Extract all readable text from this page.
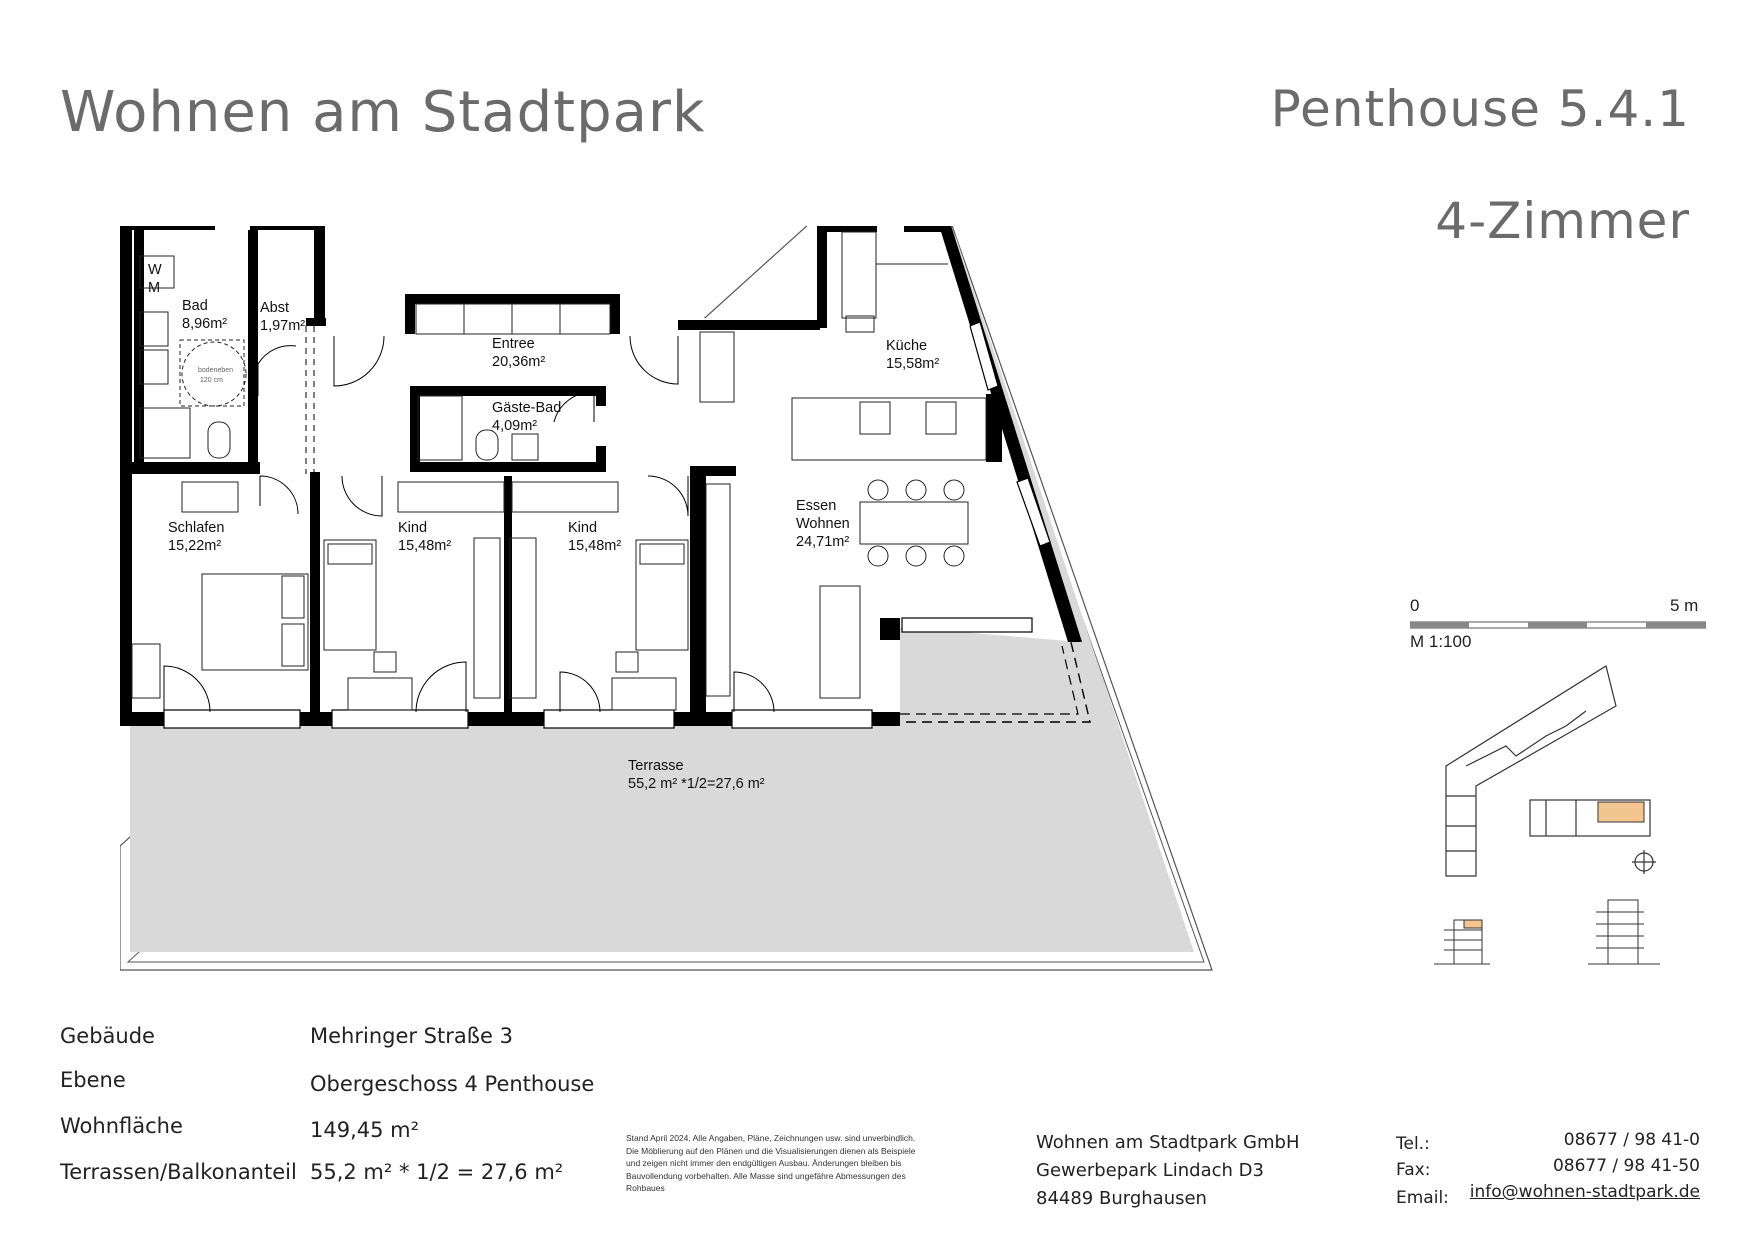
Wohnen am Stadtpark	Penthouse 5.4.1
4-Zimmer
W
M
Bad
8,96m²
Abst
1,97m²
bodeneben
120 cm
Entree
20,36m²
Küche
15,58m²
Gäste-Bad
4,09m²
Schlafen
15,22m²
Kind
15,48m²
Kind
15,48m²
Essen
Wohnen
24,71m²
Terrasse
55,2 m² *1/2=27,6 m²
0	5 m
M 1:100
Gebäude	Mehringer Straße 3
Ebene	Obergeschoss 4 Penthouse
Wohnfläche	149,45 m²
Terrassen/Balkonanteil 55,2 m² * 1/2 = 27,6 m²
Stand April 2024. Alle Angaben, Pläne, Zeichnungen usw. sind unverbindlich. Die Möblierung auf den Plänen und die Visualisierungen dienen als Beispiele und zeigen nicht immer den endgültigen Ausbau. Änderungen bleiben bis Bauvollendung vorbehalten. Alle Masse sind ungefähre Abmessungen des Rohbaues
Wohnen am Stadtpark GmbH
Gewerbepark Lindach D3
84489 Burghausen
Tel.:	08677 / 98 41-0
Fax:	08677 / 98 41-50
Email: info@wohnen-stadtpark.de
